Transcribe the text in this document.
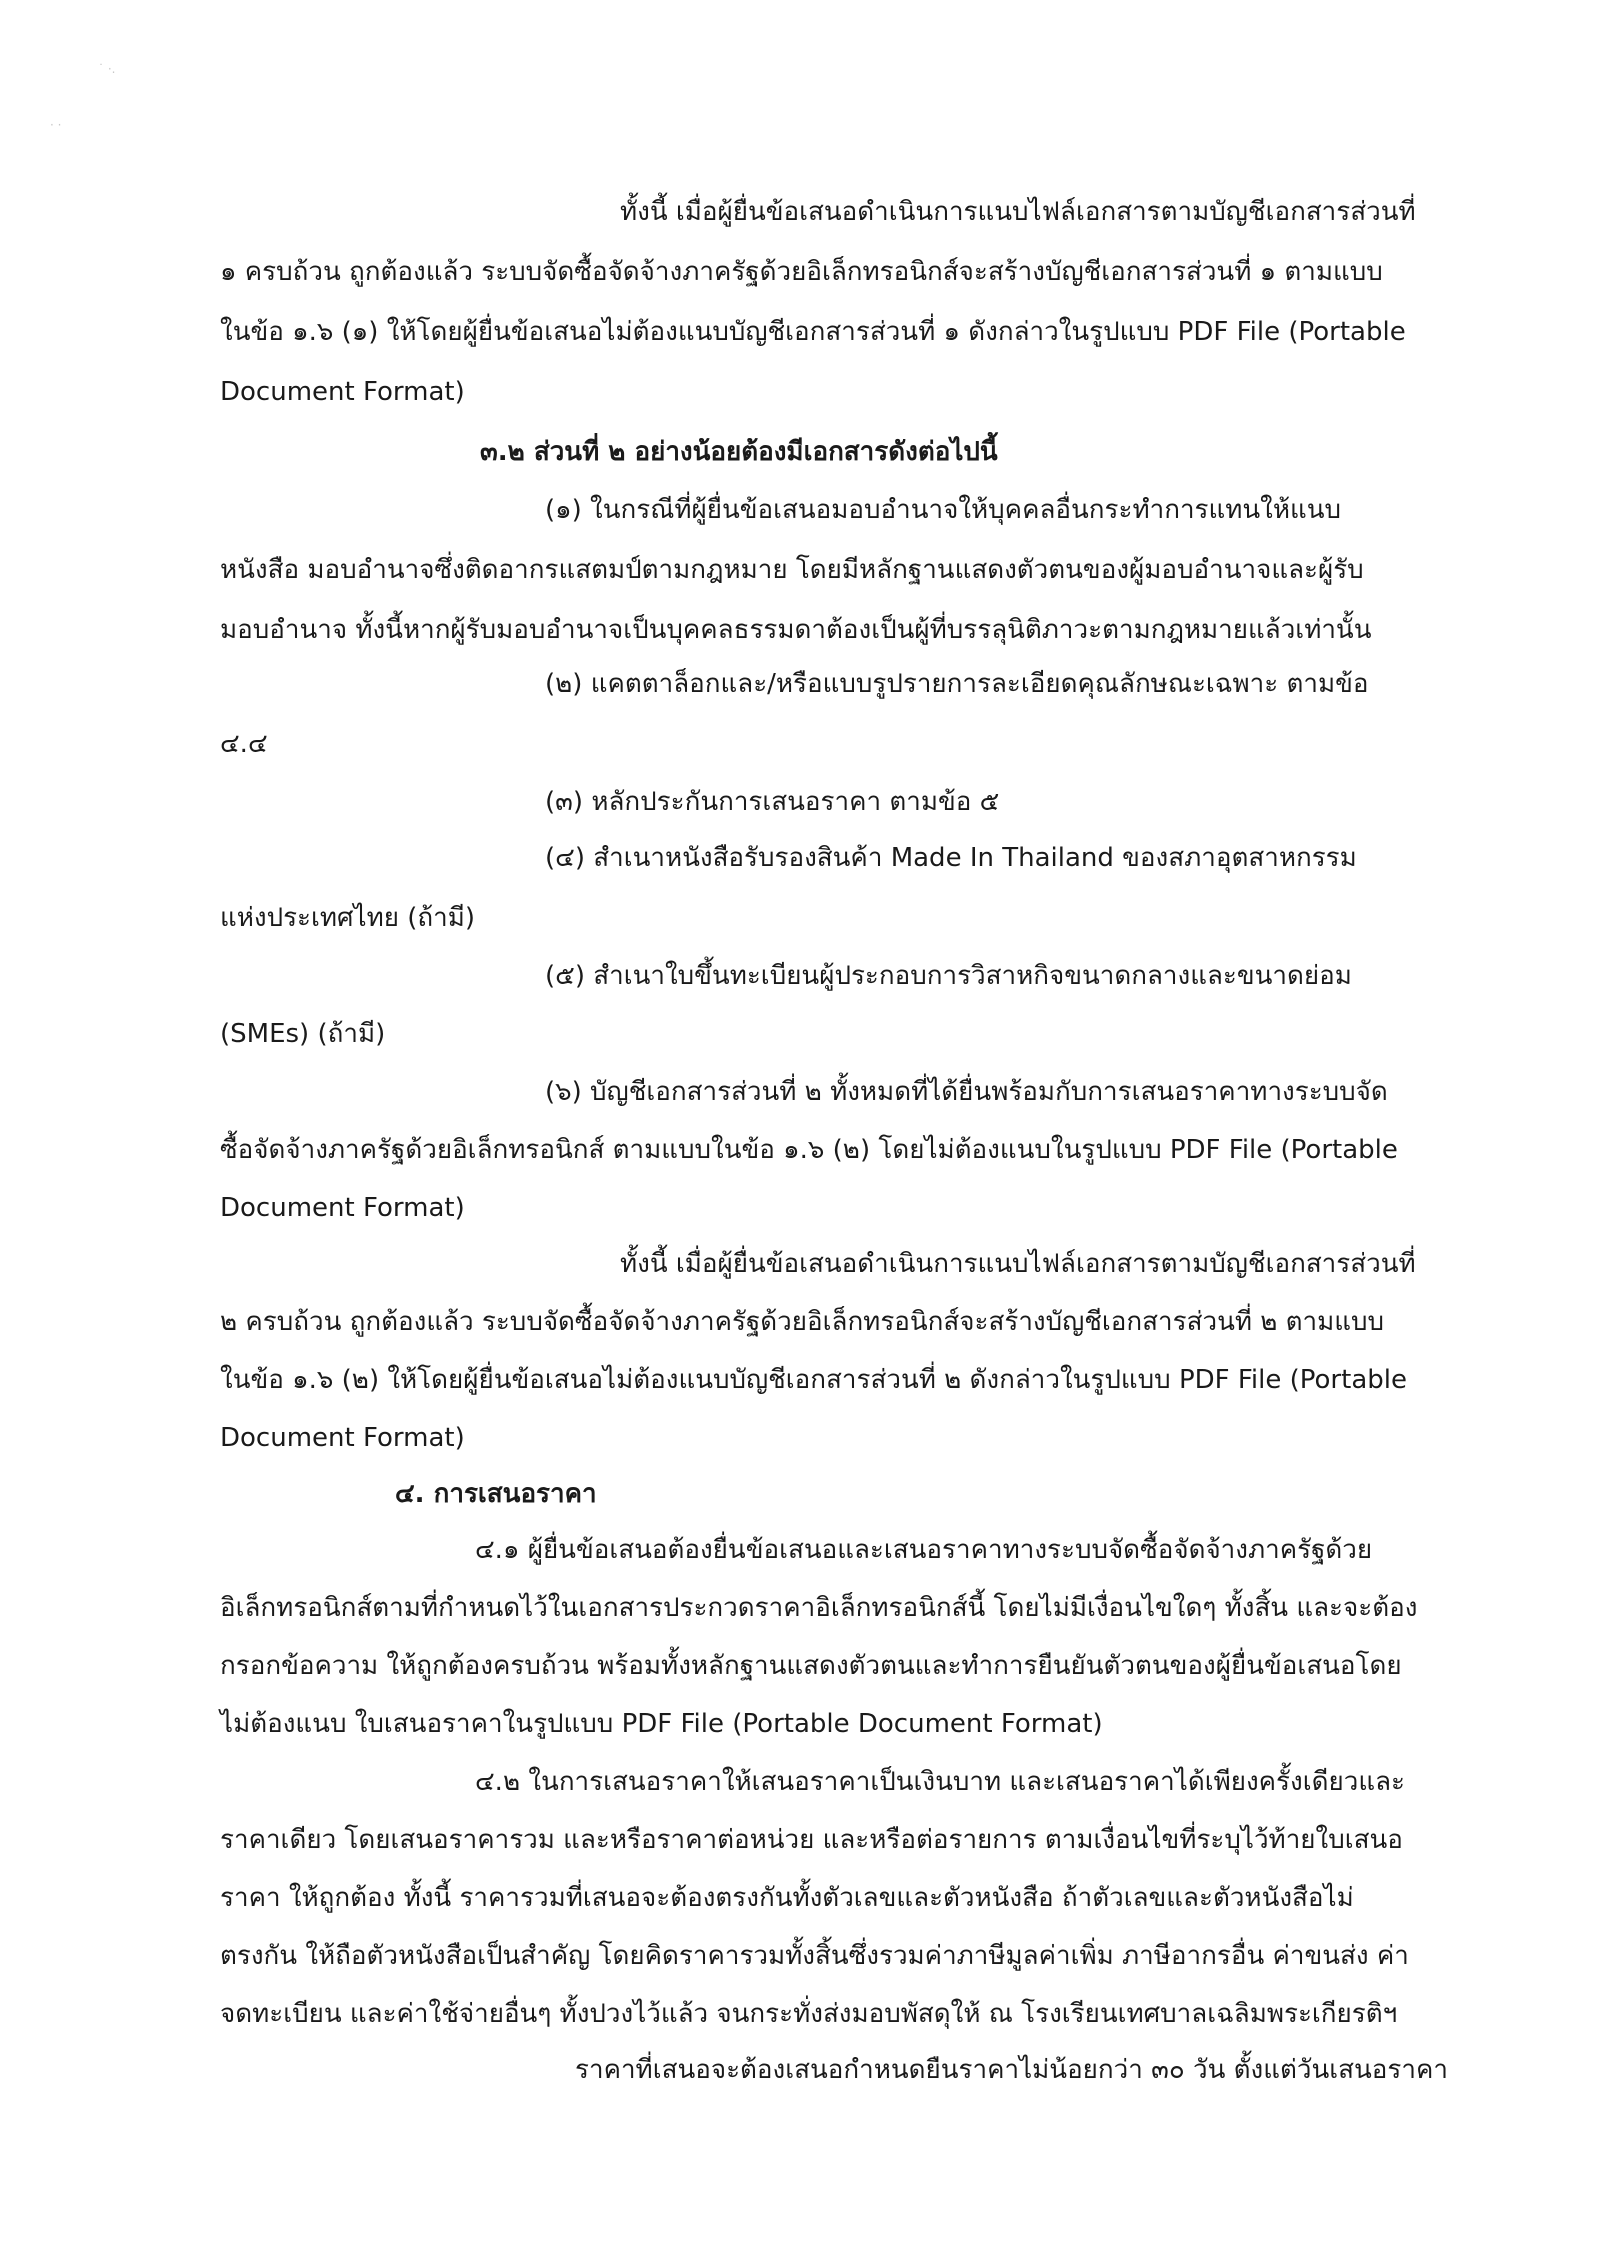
˙ ·.
· ·
ทั้งนี้ เมื่อผู้ยื่นข้อเสนอดำเนินการแนบไฟล์เอกสารตามบัญชีเอกสารส่วนที่
๑ ครบถ้วน ถูกต้องแล้ว ระบบจัดซื้อจัดจ้างภาครัฐด้วยอิเล็กทรอนิกส์จะสร้างบัญชีเอกสารส่วนที่ ๑ ตามแบบ
ในข้อ ๑.๖ (๑) ให้โดยผู้ยื่นข้อเสนอไม่ต้องแนบบัญชีเอกสารส่วนที่ ๑ ดังกล่าวในรูปแบบ PDF File (Portable
Document Format)
๓.๒ ส่วนที่ ๒ อย่างน้อยต้องมีเอกสารดังต่อไปนี้
(๑) ในกรณีที่ผู้ยื่นข้อเสนอมอบอำนาจให้บุคคลอื่นกระทำการแทนให้แนบ
หนังสือ มอบอำนาจซึ่งติดอากรแสตมป์ตามกฎหมาย โดยมีหลักฐานแสดงตัวตนของผู้มอบอำนาจและผู้รับ
มอบอำนาจ ทั้งนี้หากผู้รับมอบอำนาจเป็นบุคคลธรรมดาต้องเป็นผู้ที่บรรลุนิติภาวะตามกฎหมายแล้วเท่านั้น
(๒) แคตตาล็อกและ/หรือแบบรูปรายการละเอียดคุณลักษณะเฉพาะ ตามข้อ
๔.๔
(๓) หลักประกันการเสนอราคา ตามข้อ ๕
(๔) สำเนาหนังสือรับรองสินค้า Made In Thailand ของสภาอุตสาหกรรม
แห่งประเทศไทย (ถ้ามี)
(๕) สำเนาใบขึ้นทะเบียนผู้ประกอบการวิสาหกิจขนาดกลางและขนาดย่อม
(SMEs) (ถ้ามี)
(๖) บัญชีเอกสารส่วนที่ ๒ ทั้งหมดที่ได้ยื่นพร้อมกับการเสนอราคาทางระบบจัด
ซื้อจัดจ้างภาครัฐด้วยอิเล็กทรอนิกส์ ตามแบบในข้อ ๑.๖ (๒) โดยไม่ต้องแนบในรูปแบบ PDF File (Portable
Document Format)
ทั้งนี้ เมื่อผู้ยื่นข้อเสนอดำเนินการแนบไฟล์เอกสารตามบัญชีเอกสารส่วนที่
๒ ครบถ้วน ถูกต้องแล้ว ระบบจัดซื้อจัดจ้างภาครัฐด้วยอิเล็กทรอนิกส์จะสร้างบัญชีเอกสารส่วนที่ ๒ ตามแบบ
ในข้อ ๑.๖ (๒) ให้โดยผู้ยื่นข้อเสนอไม่ต้องแนบบัญชีเอกสารส่วนที่ ๒ ดังกล่าวในรูปแบบ PDF File (Portable
Document Format)
๔. การเสนอราคา
๔.๑ ผู้ยื่นข้อเสนอต้องยื่นข้อเสนอและเสนอราคาทางระบบจัดซื้อจัดจ้างภาครัฐด้วย
อิเล็กทรอนิกส์ตามที่กำหนดไว้ในเอกสารประกวดราคาอิเล็กทรอนิกส์นี้ โดยไม่มีเงื่อนไขใดๆ ทั้งสิ้น และจะต้อง
กรอกข้อความ ให้ถูกต้องครบถ้วน พร้อมทั้งหลักฐานแสดงตัวตนและทำการยืนยันตัวตนของผู้ยื่นข้อเสนอโดย
ไม่ต้องแนบ ใบเสนอราคาในรูปแบบ PDF File (Portable Document Format)
๔.๒ ในการเสนอราคาให้เสนอราคาเป็นเงินบาท และเสนอราคาได้เพียงครั้งเดียวและ
ราคาเดียว โดยเสนอราคารวม และหรือราคาต่อหน่วย และหรือต่อรายการ ตามเงื่อนไขที่ระบุไว้ท้ายใบเสนอ
ราคา ให้ถูกต้อง ทั้งนี้ ราคารวมที่เสนอจะต้องตรงกันทั้งตัวเลขและตัวหนังสือ ถ้าตัวเลขและตัวหนังสือไม่
ตรงกัน ให้ถือตัวหนังสือเป็นสำคัญ โดยคิดราคารวมทั้งสิ้นซึ่งรวมค่าภาษีมูลค่าเพิ่ม ภาษีอากรอื่น ค่าขนส่ง ค่า
จดทะเบียน และค่าใช้จ่ายอื่นๆ ทั้งปวงไว้แล้ว จนกระทั่งส่งมอบพัสดุให้ ณ โรงเรียนเทศบาลเฉลิมพระเกียรติฯ
ราคาที่เสนอจะต้องเสนอกำหนดยืนราคาไม่น้อยกว่า ๓๐ วัน ตั้งแต่วันเสนอราคา
